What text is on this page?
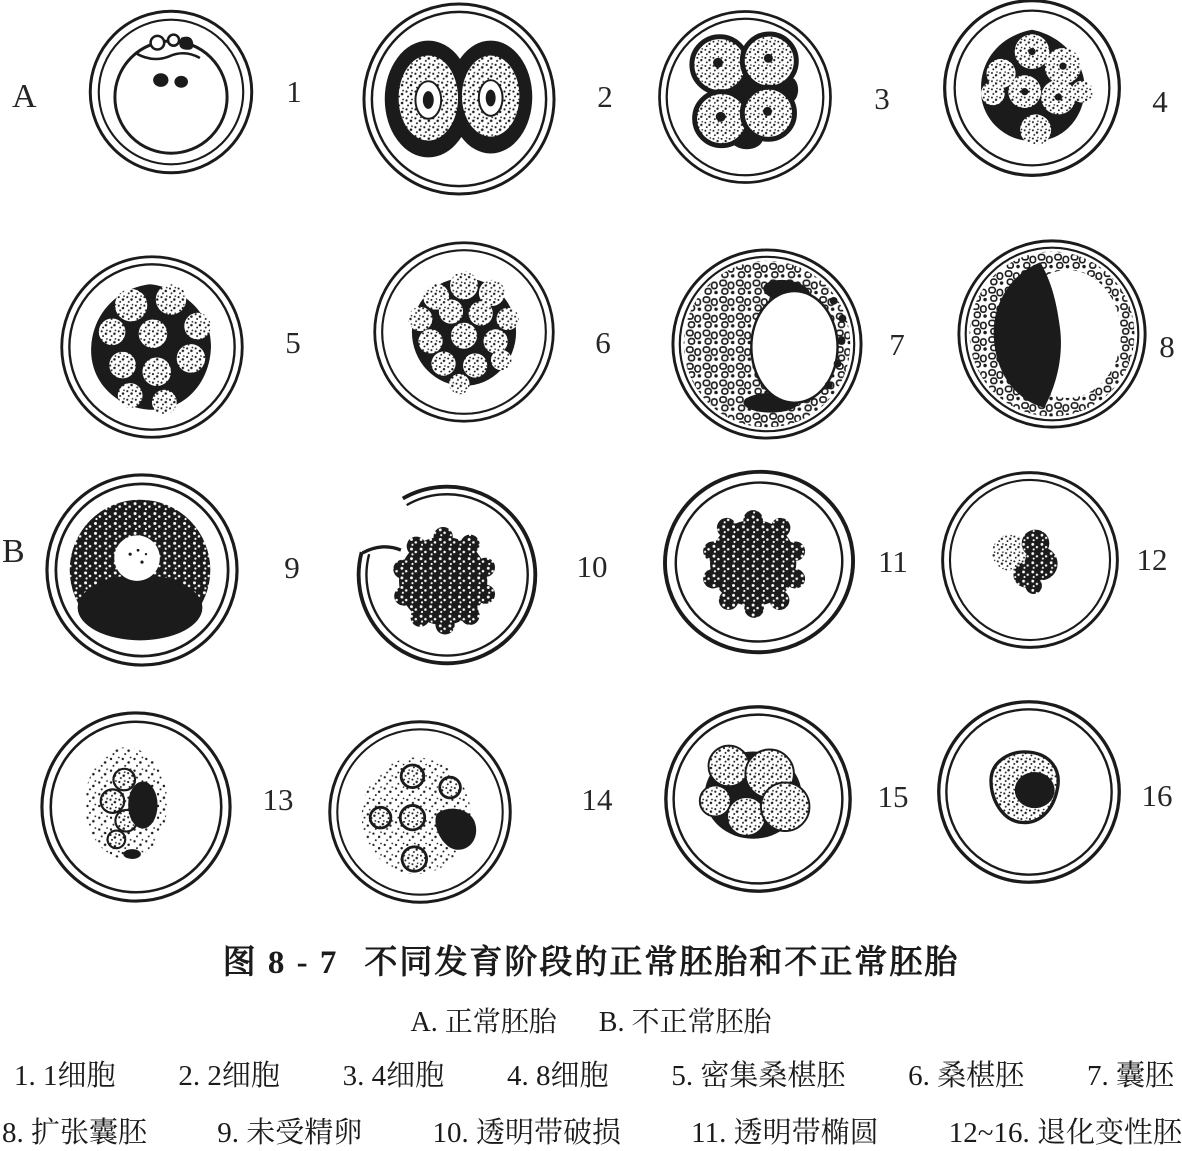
A
B
1	2	3	4
5	6	7	8
9	10	11	12
13	14	15	16
图 8 - 7 不同发育阶段的正常胚胎和不正常胚胎
A. 正常胚胎 B. 不正常胚胎
1. 1细胞 2. 2细胞 3. 4细胞 4. 8细胞 5. 密集桑椹胚 6. 桑椹胚 7. 囊胚
8. 扩张囊胚 9. 未受精卵 10. 透明带破损 11. 透明带椭圆 12~16. 退化变性胚
